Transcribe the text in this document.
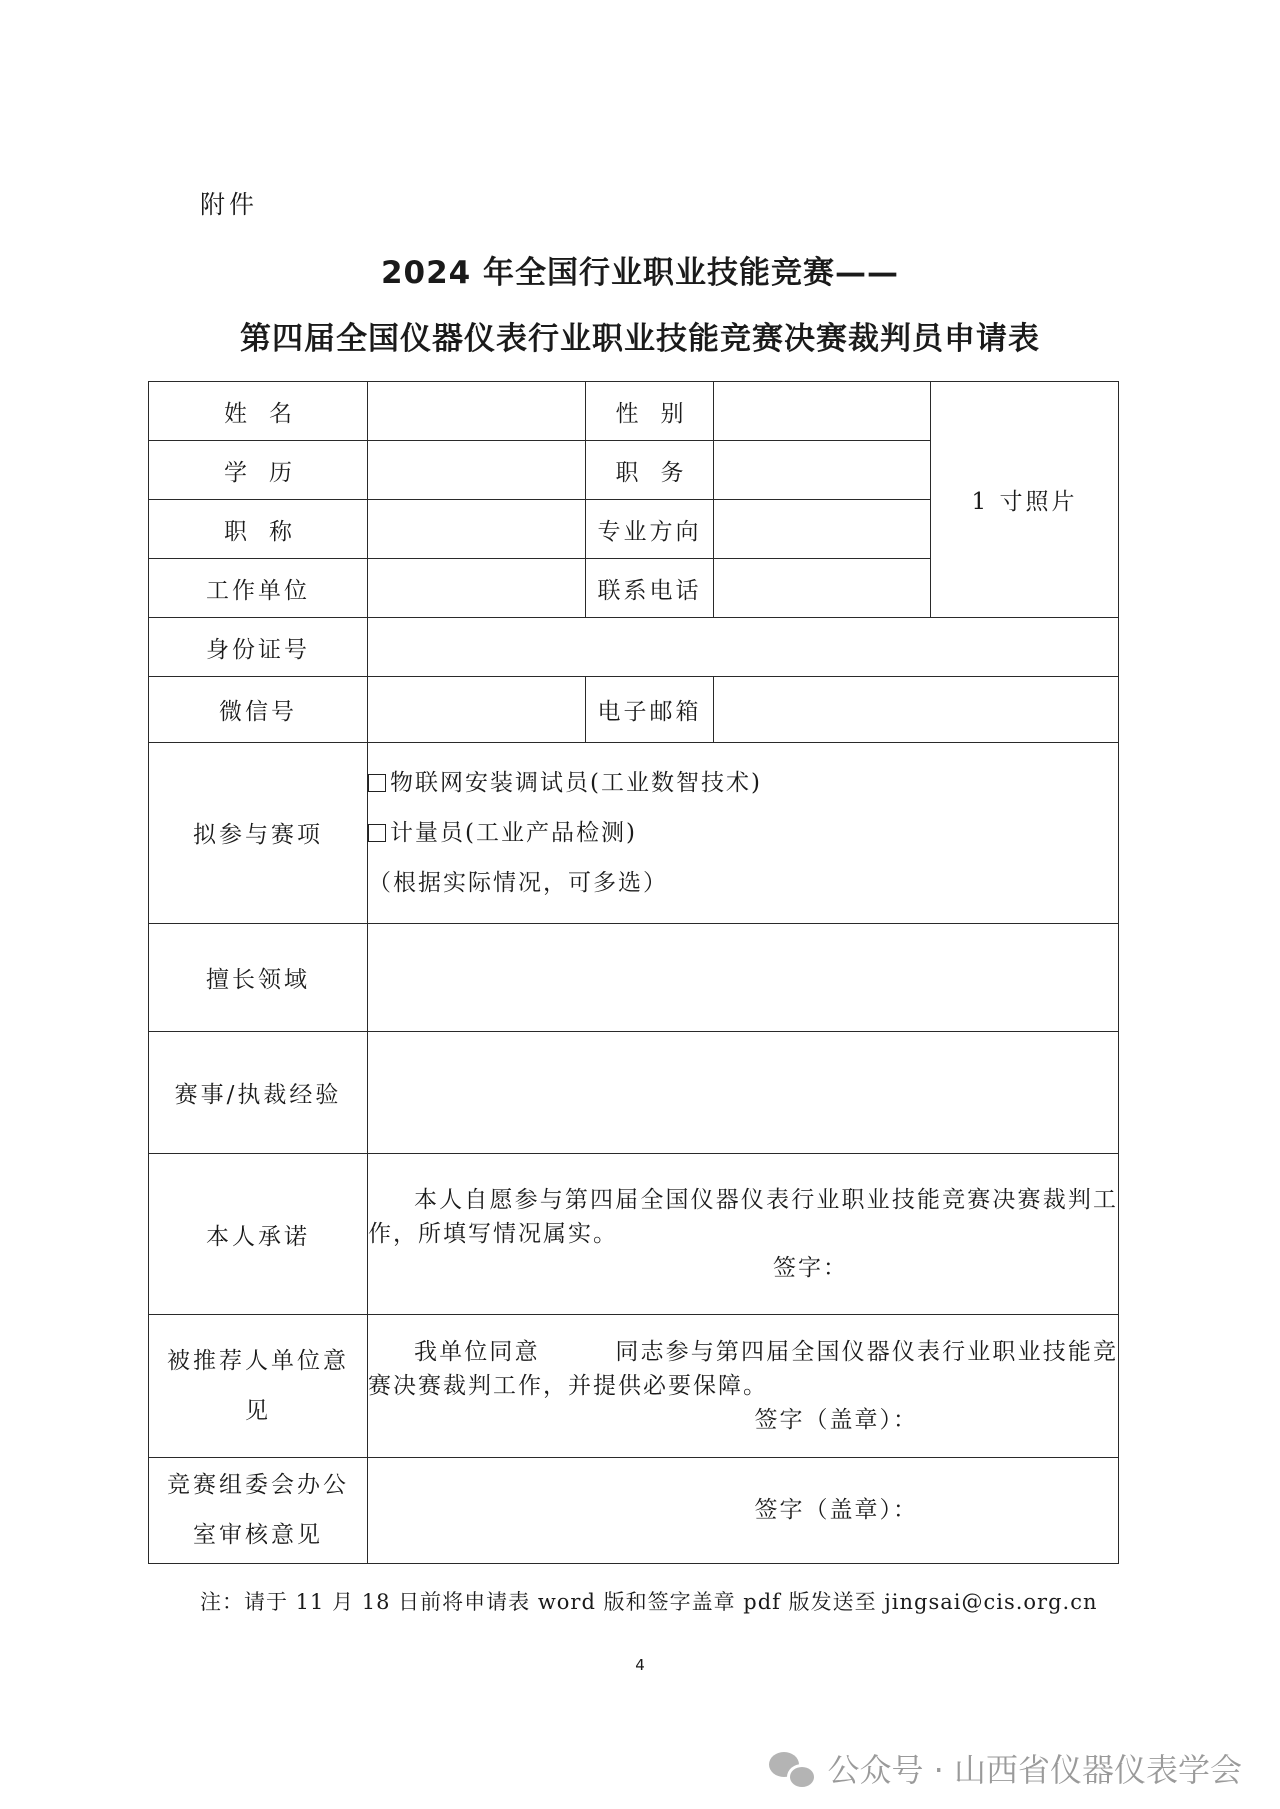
附件
2024 年全国行业职业技能竞赛——
第四届全国仪器仪表行业职业技能竞赛决赛裁判员申请表
姓名		性别		1 寸照片
学历		职务		
职称		专业方向		
工作单位		联系电话		
身份证号				
微信号		电子邮箱		
拟参与赛项	物联网安装调试员(工业数智技术)
计量员(工业产品检测)
（根据实际情况，可多选）			

擅长领域				
赛事/执裁经验				
本人承诺	本人自愿参与第四届全国仪器仪表行业职业技能竞赛决赛裁判工作，所填写情况属实。
签字：			

被推荐人单位意见	我单位同意        同志参与第四届全国仪器仪表行业职业技能竞赛决赛裁判工作，并提供必要保障。
签字（盖章）：			

竞赛组委会办公室审核意见	签字（盖章）：			
注：请于 11 月 18 日前将申请表 word 版和签字盖章 pdf 版发送至 jingsai@cis.org.cn
4
公众号 · 山西省仪器仪表学会
